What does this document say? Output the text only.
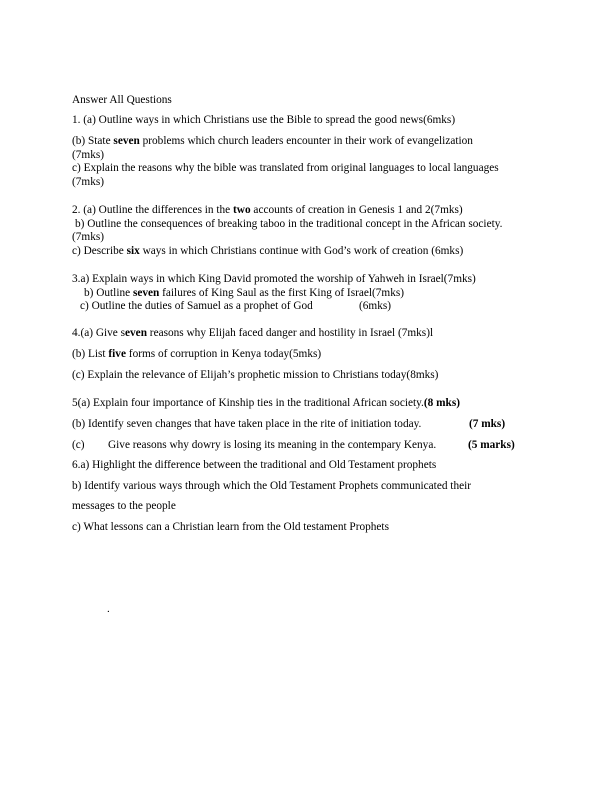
Answer All Questions
1. (a) Outline ways in which Christians use the Bible to spread the good news(6mks)
(b) State seven problems which church leaders encounter in their work of evangelization
(7mks)
c) Explain the reasons why the bible was translated from original languages to local languages
(7mks)
2. (a) Outline the differences in the two accounts of creation in Genesis 1 and 2(7mks)
b) Outline the consequences of breaking taboo in the traditional concept in the African society.
(7mks)
c) Describe six ways in which Christians continue with God’s work of creation (6mks)
3.a) Explain ways in which King David promoted the worship of Yahweh in Israel(7mks)
b) Outline seven failures of King Saul as the first King of Israel(7mks)
c) Outline the duties of Samuel as a prophet of God	(6mks)
4.(a) Give seven reasons why Elijah faced danger and hostility in Israel (7mks)l
(b) List five forms of corruption in Kenya today(5mks)
(c) Explain the relevance of Elijah’s prophetic mission to Christians today(8mks)
5(a) Explain four importance of Kinship ties in the traditional African society.(8 mks)
(b) Identify seven changes that have taken place in the rite of initiation today.	(7 mks)
(c) Give reasons why dowry is losing its meaning in the contempary Kenya.	(5 marks)
6.a) Highlight the difference between the traditional and Old Testament prophets
b) Identify various ways through which the Old Testament Prophets communicated their
messages to the people
c) What lessons can a Christian learn from the Old testament Prophets
.
